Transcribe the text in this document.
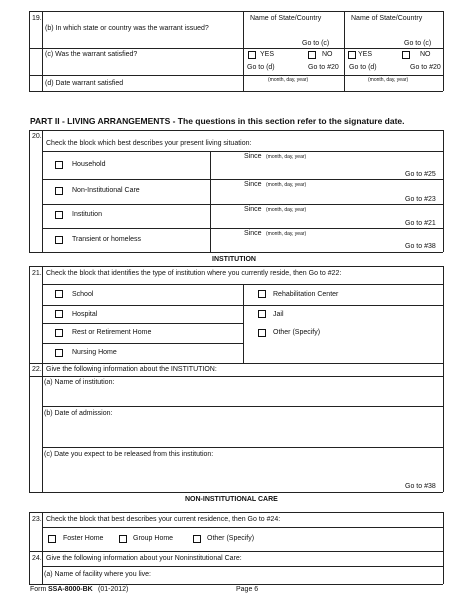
19.
(b) In which state or country was the warrant issued?
Name of State/Country	Name of State/Country
Go to (c)	Go to (c)
(c) Was the warrant satisfied?	YES	NO	YES	NO
Go to (d)	Go to #20 Go to (d)	Go to #20
(d) Date warrant satisfied	(month, day, year)	(month, day, year)
PART II - LIVING ARRANGEMENTS - The questions in this section refer to the signature date.
20.
Check the block which best describes your present living situation:
Household
Since (month, day, year)
Go to #25
Non-Institutional Care
Since (month, day, year)
Go to #23
Institution
Since (month, day, year)
Go to #21
Transient or homeless
Since (month, day, year)
Go to #38
INSTITUTION
21. Check the block that identifies the type of institution where you currently reside, then Go to #22:
School
Hospital
Rest or Retirement Home
Nursing Home
Rehabilitation Center
Jail
Other (Specify)
22. Give the following information about the INSTITUTION:
(a) Name of institution:
(b) Date of admission:
(c) Date you expect to be released from this institution:
Go to #38
NON-INSTITUTIONAL CARE
23. Check the block that best describes your current residence, then Go to #24:
Foster Home	Group Home	Other (Specify)
24. Give the following information about your Noninstitutional Care:
(a) Name of facility where you live:
Form SSA-8000-BK (01-2012)	Page 6
